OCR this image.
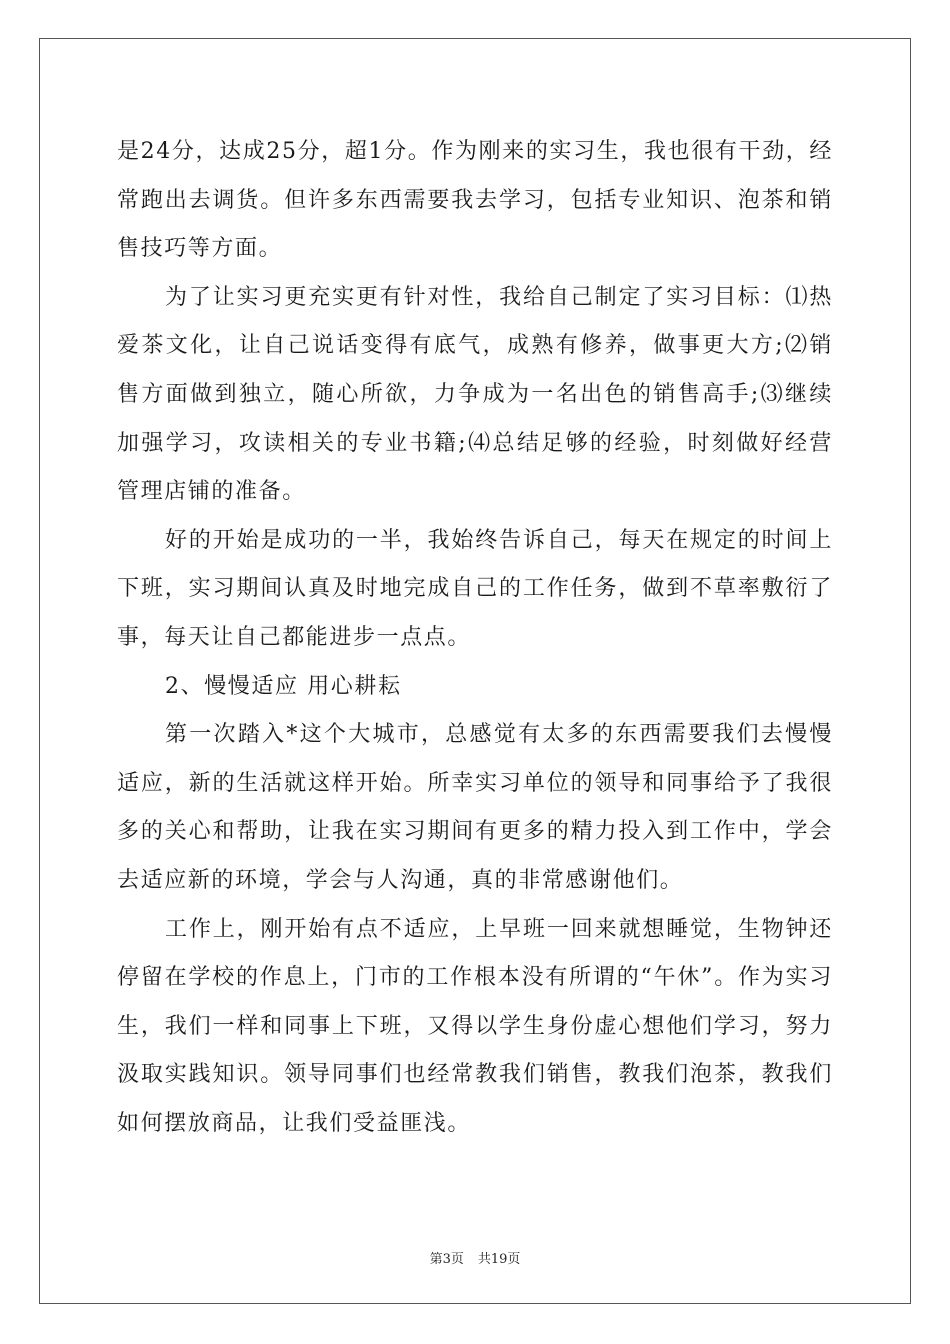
是24分，达成25分，超1分。作为刚来的实习生，我也很有干劲，经常跑出去调货。但许多东西需要我去学习，包括专业知识、泡茶和销售技巧等方面。

为了让实习更充实更有针对性，我给自己制定了实习目标：⑴热爱茶文化，让自己说话变得有底气，成熟有修养，做事更大方;⑵销售方面做到独立，随心所欲，力争成为一名出色的销售高手;⑶继续加强学习，攻读相关的专业书籍;⑷总结足够的经验，时刻做好经营管理店铺的准备。

好的开始是成功的一半，我始终告诉自己，每天在规定的时间上下班，实习期间认真及时地完成自己的工作任务，做到不草率敷衍了事，每天让自己都能进步一点点。

2、慢慢适应 用心耕耘

第一次踏入*这个大城市，总感觉有太多的东西需要我们去慢慢适应，新的生活就这样开始。所幸实习单位的领导和同事给予了我很多的关心和帮助，让我在实习期间有更多的精力投入到工作中，学会去适应新的环境，学会与人沟通，真的非常感谢他们。

工作上，刚开始有点不适应，上早班一回来就想睡觉，生物钟还停留在学校的作息上，门市的工作根本没有所谓的“午休”。作为实习生，我们一样和同事上下班，又得以学生身份虚心想他们学习，努力汲取实践知识。领导同事们也经常教我们销售，教我们泡茶，教我们如何摆放商品，让我们受益匪浅。

第3页 共19页
